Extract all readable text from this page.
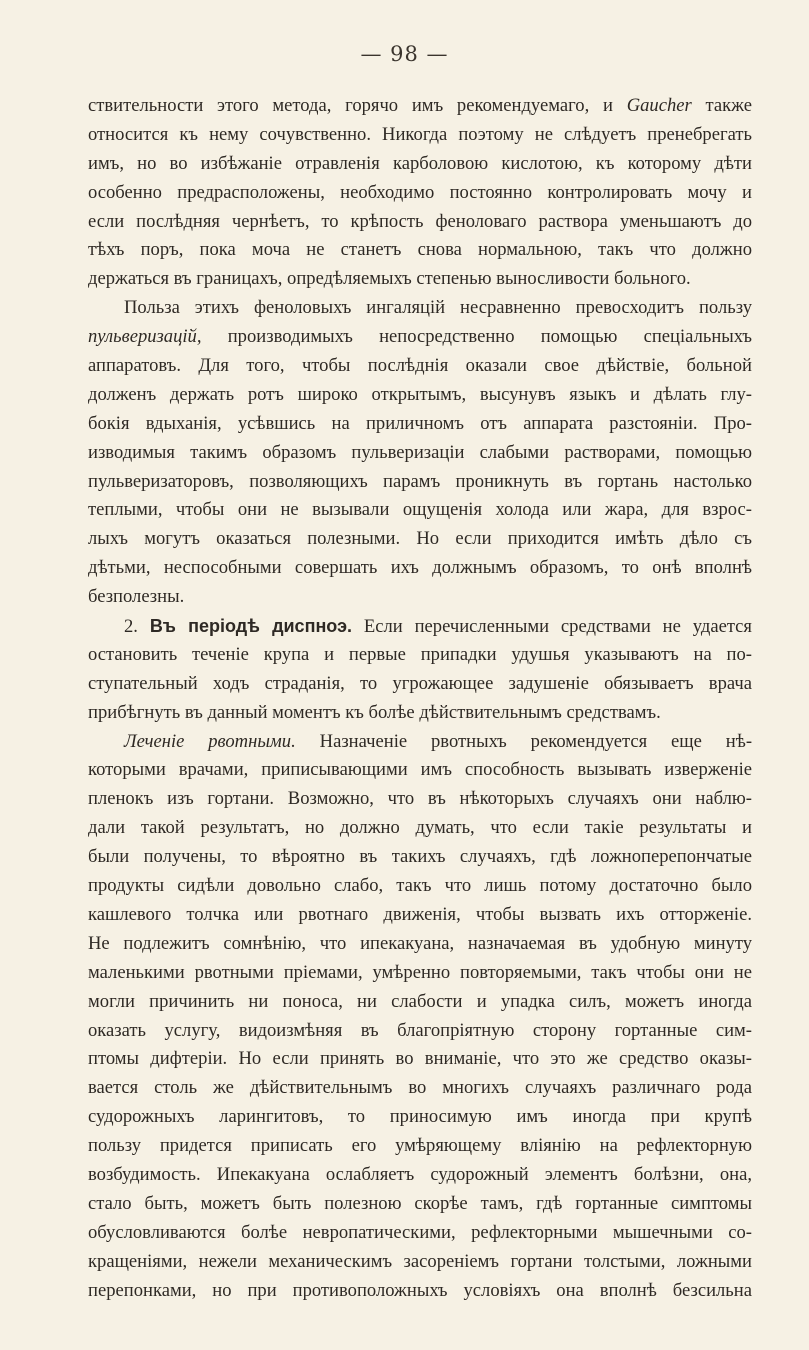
— 98 —
ствительности этого метода, горячо имъ рекомендуемаго, и Gaucher также
относится къ нему сочувственно. Никогда поэтому не слѣдуетъ пренебрегать
имъ, но во избѣжаніе отравленія карболовою кислотою, къ которому дѣти
особенно предрасположены, необходимо постоянно контролировать мочу и
если послѣдняя чернѣетъ, то крѣпость феноловаго раствора уменьшаютъ до
тѣхъ поръ, пока моча не станетъ снова нормальною, такъ что должно
держаться въ границахъ, опредѣляемыхъ степенью выносливости больного.
Польза этихъ феноловыхъ ингаляцій несравненно превосходитъ пользу
пульверизацій, производимыхъ непосредственно помощью спеціальныхъ
аппаратовъ. Для того, чтобы послѣднія оказали свое дѣйствіе, больной
долженъ держать ротъ широко открытымъ, высунувъ языкъ и дѣлать глу-
бокія вдыханія, усѣвшись на приличномъ отъ аппарата разстояніи. Про-
изводимыя такимъ образомъ пульверизаціи слабыми растворами, помощью
пульверизаторовъ, позволяющихъ парамъ проникнуть въ гортань настолько
теплыми, чтобы они не вызывали ощущенія холода или жара, для взрос-
лыхъ могутъ оказаться полезными. Но если приходится имѣть дѣло съ
дѣтьми, неспособными совершать ихъ должнымъ образомъ, то онѣ вполнѣ
безполезны.
2. Въ періодѣ диспноэ. Если перечисленными средствами не удается
остановить теченіе крупа и первые припадки удушья указываютъ на по-
ступательный ходъ страданія, то угрожающее задушеніе обязываетъ врача
прибѣгнуть въ данный моментъ къ болѣе дѣйствительнымъ средствамъ.
Леченіе рвотными. Назначеніе рвотныхъ рекомендуется еще нѣ-
которыми врачами, приписывающими имъ способность вызывать изверженіе
пленокъ изъ гортани. Возможно, что въ нѣкоторыхъ случаяхъ они наблю-
дали такой результатъ, но должно думать, что если такіе результаты и
были получены, то вѣроятно въ такихъ случаяхъ, гдѣ ложноперепончатые
продукты сидѣли довольно слабо, такъ что лишь потому достаточно было
кашлевого толчка или рвотнаго движенія, чтобы вызвать ихъ отторженіе.
Не подлежитъ сомнѣнію, что ипекакуана, назначаемая въ удобную минуту
маленькими рвотными пріемами, умѣренно повторяемыми, такъ чтобы они не
могли причинить ни поноса, ни слабости и упадка силъ, можетъ иногда
оказать услугу, видоизмѣняя въ благопріятную сторону гортанные сим-
птомы дифтеріи. Но если принять во вниманіе, что это же средство оказы-
вается столь же дѣйствительнымъ во многихъ случаяхъ различнаго рода
судорожныхъ ларингитовъ, то приносимую имъ иногда при крупѣ
пользу придется приписать его умѣряющему вліянію на рефлекторную
возбудимость. Ипекакуана ослабляетъ судорожный элементъ болѣзни, она,
стало быть, можетъ быть полезною скорѣе тамъ, гдѣ гортанные симптомы
обусловливаются болѣе невропатическими, рефлекторными мышечными со-
кращеніями, нежели механическимъ засореніемъ гортани толстыми, ложными
перепонками, но при противоположныхъ условіяхъ она вполнѣ безсильна
